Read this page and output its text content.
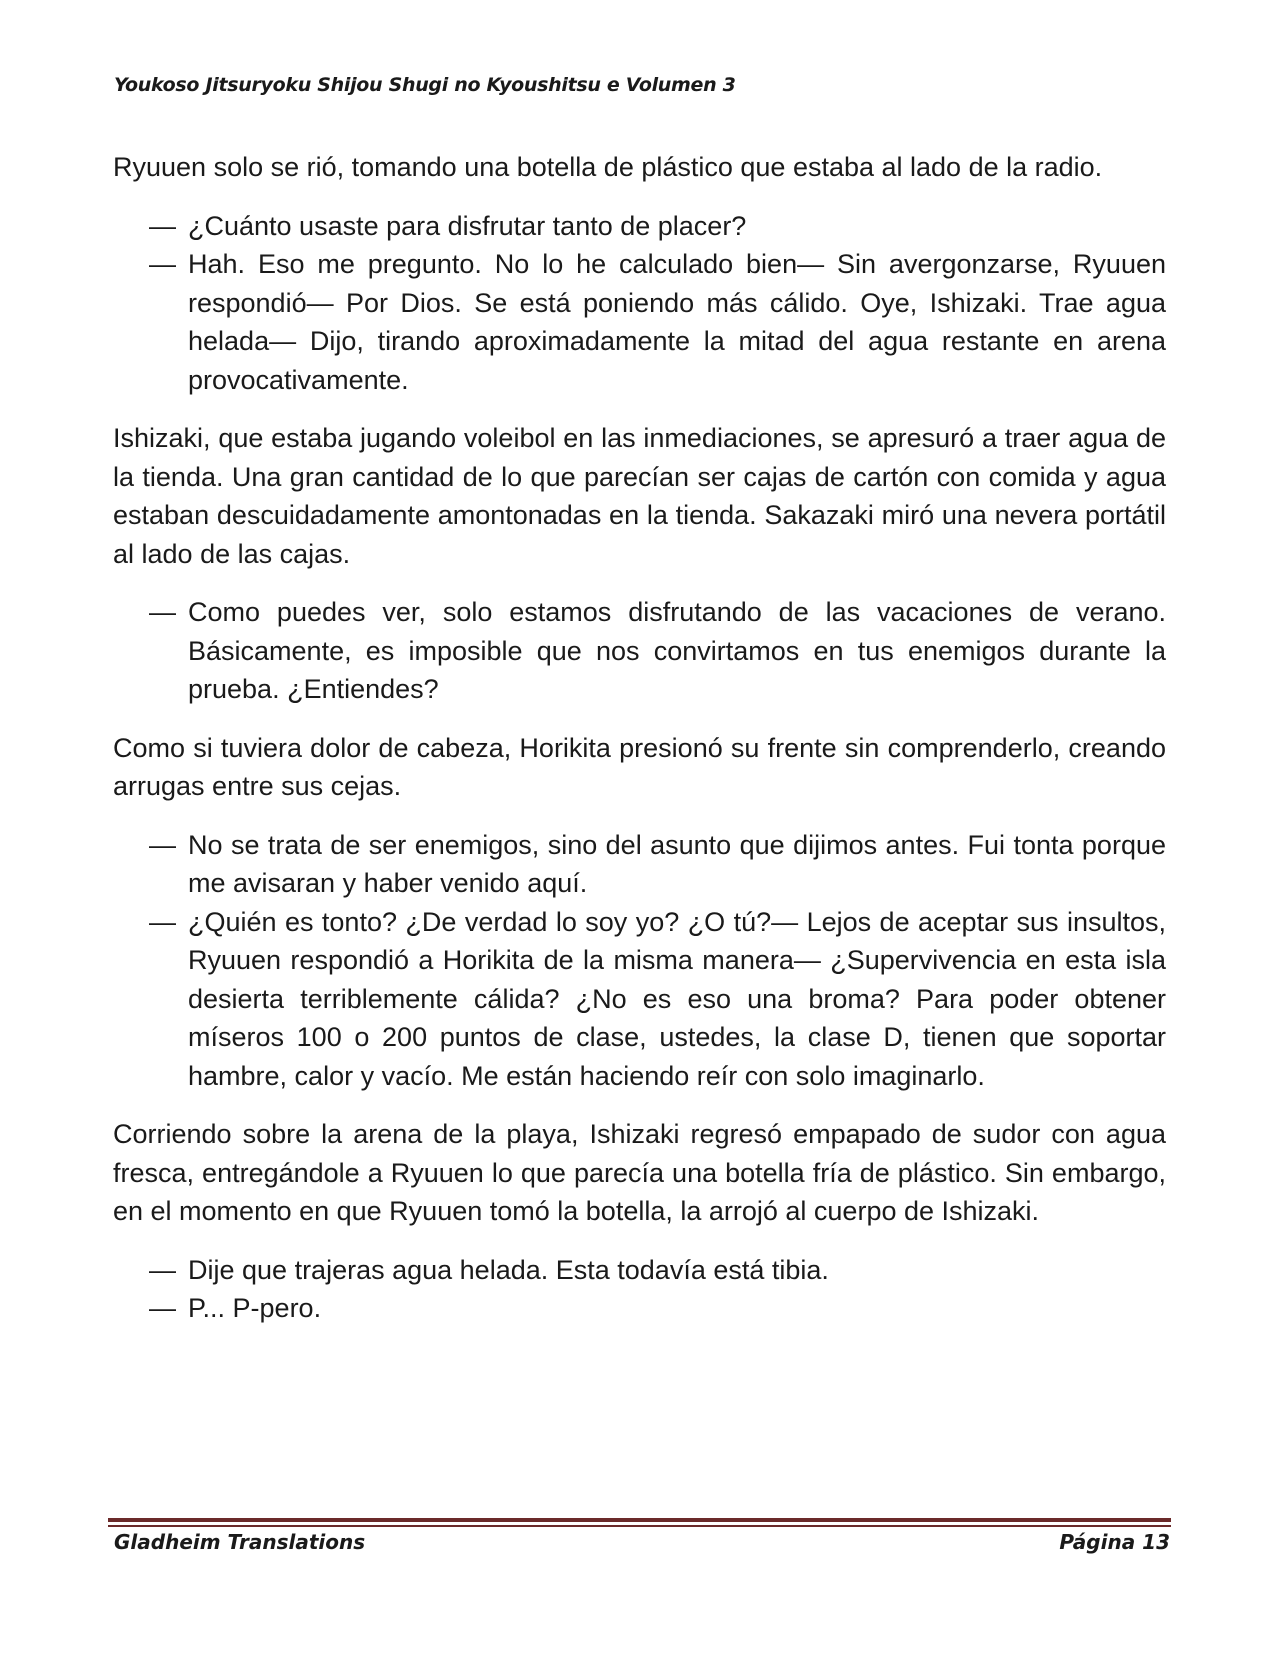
Youkoso Jitsuryoku Shijou Shugi no Kyoushitsu e Volumen 3

Ryuuen solo se rió, tomando una botella de plástico que estaba al lado de la radio.

— ¿Cuánto usaste para disfrutar tanto de placer?
— Hah. Eso me pregunto. No lo he calculado bien— Sin avergonzarse, Ryuuen respondió— Por Dios. Se está poniendo más cálido. Oye, Ishizaki. Trae agua helada— Dijo, tirando aproximadamente la mitad del agua restante en arena provocativamente.

Ishizaki, que estaba jugando voleibol en las inmediaciones, se apresuró a traer agua de la tienda. Una gran cantidad de lo que parecían ser cajas de cartón con comida y agua estaban descuidadamente amontonadas en la tienda. Sakazaki miró una nevera portátil al lado de las cajas.

— Como puedes ver, solo estamos disfrutando de las vacaciones de verano. Básicamente, es imposible que nos convirtamos en tus enemigos durante la prueba. ¿Entiendes?

Como si tuviera dolor de cabeza, Horikita presionó su frente sin comprenderlo, creando arrugas entre sus cejas.

— No se trata de ser enemigos, sino del asunto que dijimos antes. Fui tonta porque me avisaran y haber venido aquí.
— ¿Quién es tonto? ¿De verdad lo soy yo? ¿O tú?— Lejos de aceptar sus insultos, Ryuuen respondió a Horikita de la misma manera— ¿Supervivencia en esta isla desierta terriblemente cálida? ¿No es eso una broma? Para poder obtener míseros 100 o 200 puntos de clase, ustedes, la clase D, tienen que soportar hambre, calor y vacío. Me están haciendo reír con solo imaginarlo.

Corriendo sobre la arena de la playa, Ishizaki regresó empapado de sudor con agua fresca, entregándole a Ryuuen lo que parecía una botella fría de plástico. Sin embargo, en el momento en que Ryuuen tomó la botella, la arrojó al cuerpo de Ishizaki.

— Dije que trajeras agua helada. Esta todavía está tibia.
— P... P-pero.
Gladheim Translations	Página 13
